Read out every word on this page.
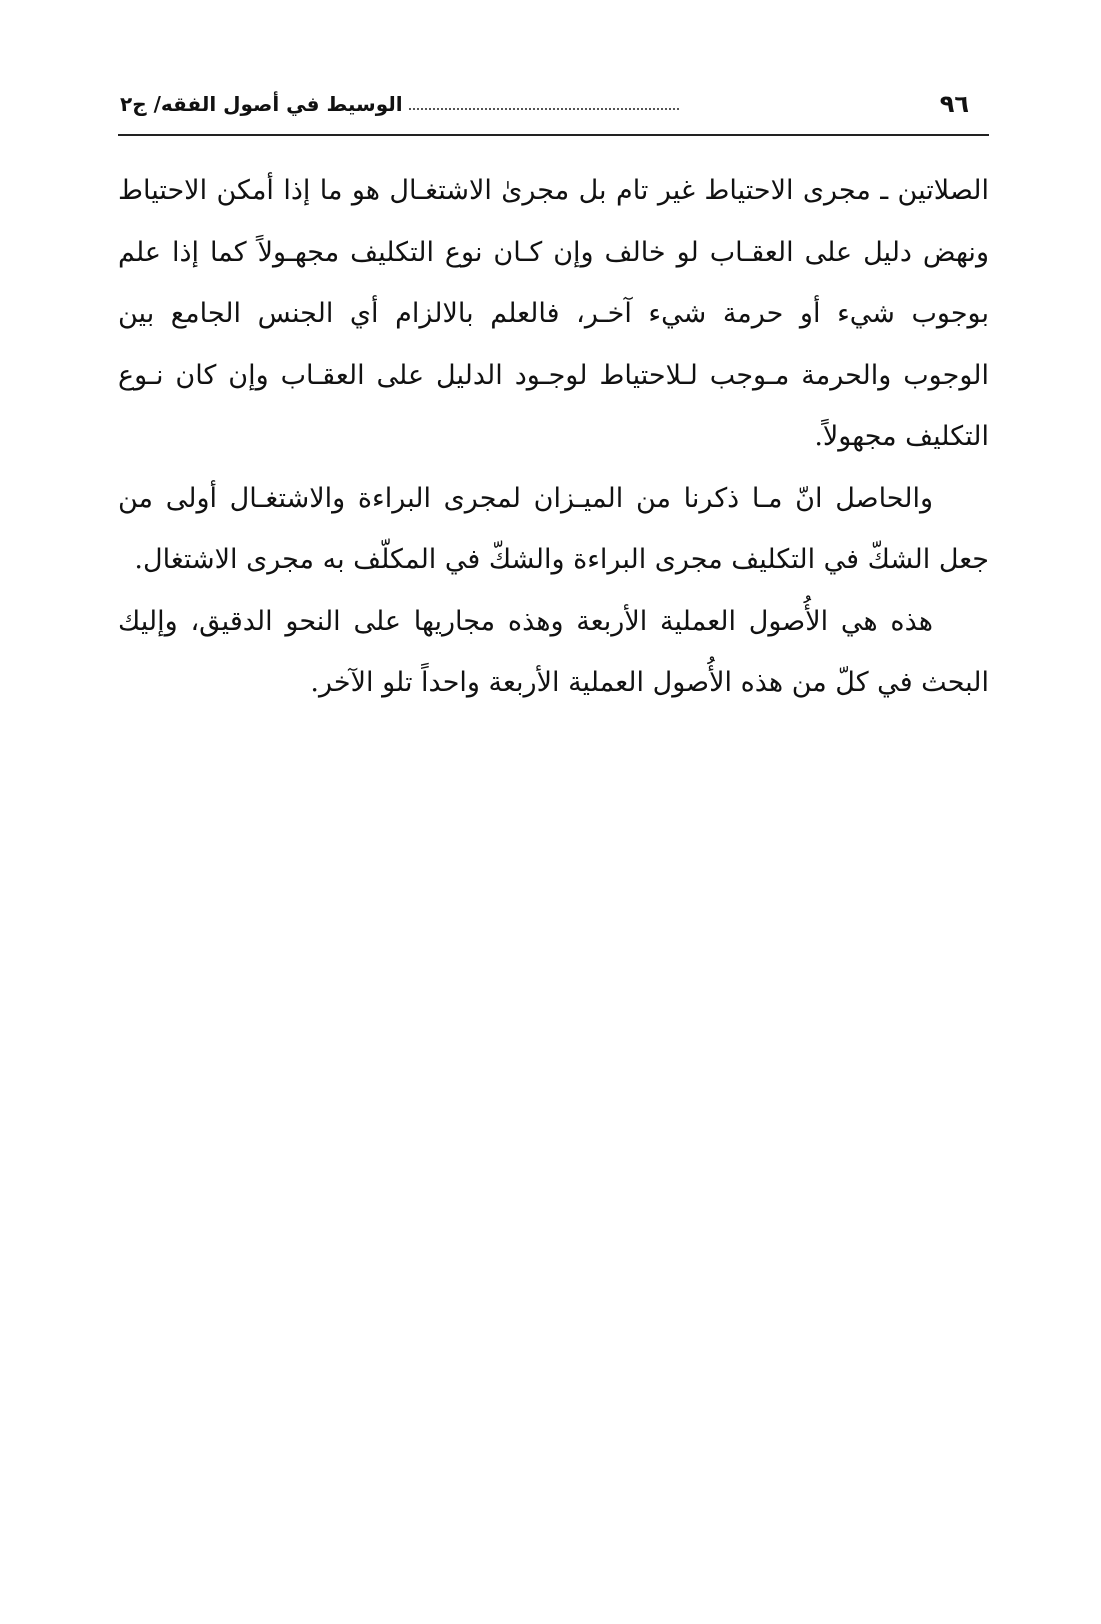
٩٦
الوسيط في أصول الفقه/ ج٢

الصلاتين ـ مجرى الاحتياط غير تام بل مجرىٰ الاشتغـال هو ما إذا أمكن الاحتياط ونهض دليل على العقـاب لو خالف وإن كـان نوع التكليف مجهـولاً كما إذا علم بوجوب شيء أو حرمة شيء آخـر، فالعلم بالالزام أي الجنس الجامع بين الوجوب والحرمة مـوجب لـلاحتياط لوجـود الدليل على العقـاب وإن كان نـوع التكليف مجهولاً.

والحاصل انّ مـا ذكرنا من الميـزان لمجرى البراءة والاشتغـال أولى من جعل الشكّ في التكليف مجرى البراءة والشكّ في المكلّف به مجرى الاشتغال.

هذه هي الأُصول العملية الأربعة وهذه مجاريها على النحو الدقيق، وإليك البحث في كلّ من هذه الأُصول العملية الأربعة واحداً تلو الآخر.
